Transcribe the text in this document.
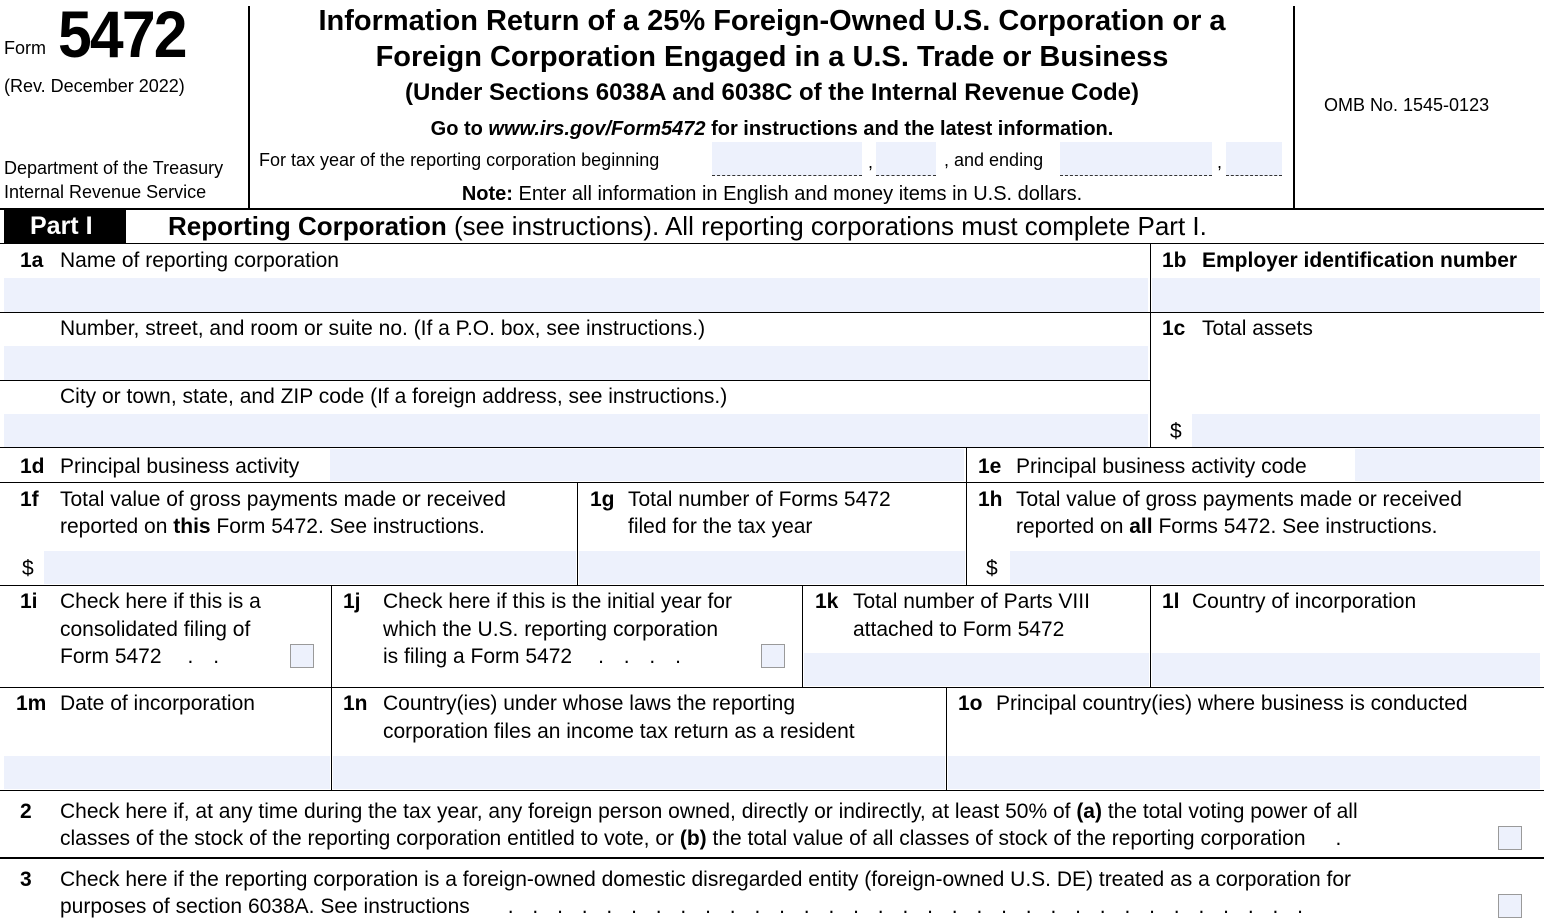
Form 5472
(Rev. December 2022)
Department of the Treasury
Internal Revenue Service
Information Return of a 25% Foreign-Owned U.S. Corporation or a
Foreign Corporation Engaged in a U.S. Trade or Business
(Under Sections 6038A and 6038C of the Internal Revenue Code)
Go to www.irs.gov/Form5472 for instructions and the latest information.
For tax year of the reporting corporation beginning	,	, and ending	,
Note: Enter all information in English and money items in U.S. dollars.
OMB No. 1545-0123
Part I	Reporting Corporation (see instructions). All reporting corporations must complete Part I.
1a Name of reporting corporation	1b Employer identification number
Number, street, and room or suite no. (If a P.O. box, see instructions.)	1c Total assets
City or town, state, and ZIP code (If a foreign address, see instructions.)
$
1d Principal business activity	1e Principal business activity code
1f Total value of gross payments made or received
reported on this Form 5472. See instructions.
$
1g Total number of Forms 5472
filed for the tax year
1h Total value of gross payments made or received
reported on all Forms 5472. See instructions.
$
1i Check here if this is a
consolidated filing of
Form 5472 . .
1j Check here if this is the initial year for
which the U.S. reporting corporation
is filing a Form 5472 . . . .
1k Total number of Parts VIII
attached to Form 5472
1l Country of incorporation
1m Date of incorporation	1n Country(ies) under whose laws the reporting
corporation files an income tax return as a resident
1o Principal country(ies) where business is conducted
2 Check here if, at any time during the tax year, any foreign person owned, directly or indirectly, at least 50% of (a) the total voting power of all
classes of the stock of the reporting corporation entitled to vote, or (b) the total value of all classes of stock of the reporting corporation .
3 Check here if the reporting corporation is a foreign-owned domestic disregarded entity (foreign-owned U.S. DE) treated as a corporation for
purposes of section 6038A. See instructions . . . . . . . . . . . . . . . . . . . . . . . . . . . . . . . . .
